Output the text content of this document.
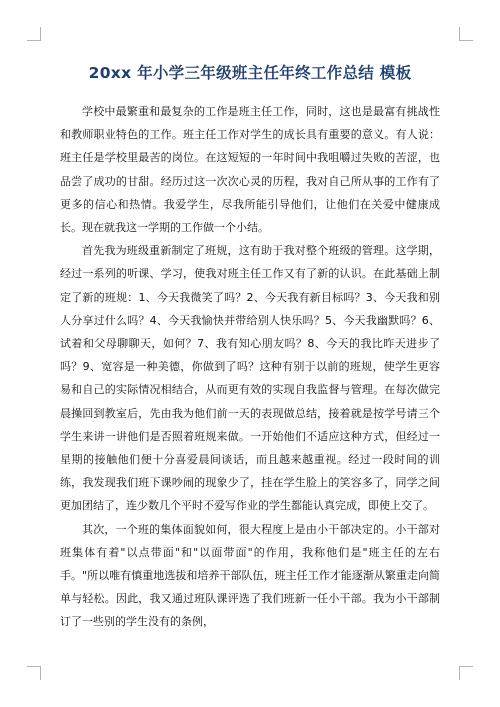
20xx 年小学三年级班主任年终工作总结 模板

学校中最繁重和最复杂的工作是班主任工作，同时，这也是最富有挑战性和教师职业特色的工作。班主任工作对学生的成长具有重要的意义。有人说：班主任是学校里最苦的岗位。在这短短的一年时间中我咀嚼过失败的苦涩，也品尝了成功的甘甜。经历过这一次次心灵的历程，我对自己所从事的工作有了更多的信心和热情。我爱学生，尽我所能引导他们，让他们在关爱中健康成长。现在就我这一学期的工作做一个小结。

首先我为班级重新制定了班规，这有助于我对整个班级的管理。这学期，经过一系列的听课、学习，使我对班主任工作又有了新的认识。在此基础上制定了新的班规：1、今天我微笑了吗？2、今天我有新目标吗？3、今天我和别人分享过什么吗？4、今天我愉快并带给别人快乐吗？5、今天我幽默吗？6、试着和父母聊聊天，如何？7、我有知心朋友吗？8、今天的我比昨天进步了吗？9、宽容是一种美德，你做到了吗？这种有别于以前的班规，使学生更容易和自己的实际情况相结合，从而更有效的实现自我监督与管理。在每次做完晨操回到教室后，先由我为他们前一天的表现做总结，接着就是按学号请三个学生来讲一讲他们是否照着班规来做。一开始他们不适应这种方式，但经过一星期的接触他们便十分喜爱晨间谈话，而且越来越重视。经过一段时间的训练，我发现我们班下课吵闹的现象少了，挂在学生脸上的笑容多了，同学之间更加团结了，连少数几个平时不爱写作业的学生都能认真完成，即使上交了。

其次，一个班的集体面貌如何，很大程度上是由小干部决定的。小干部对班集体有着"以点带面"和"以面带面"的作用，我称他们是"班主任的左右手。"所以唯有慎重地选拔和培养干部队伍，班主任工作才能逐渐从繁重走向简单与轻松。因此，我又通过班队课评选了我们班新一任小干部。我为小干部制订了一些别的学生没有的条例，
